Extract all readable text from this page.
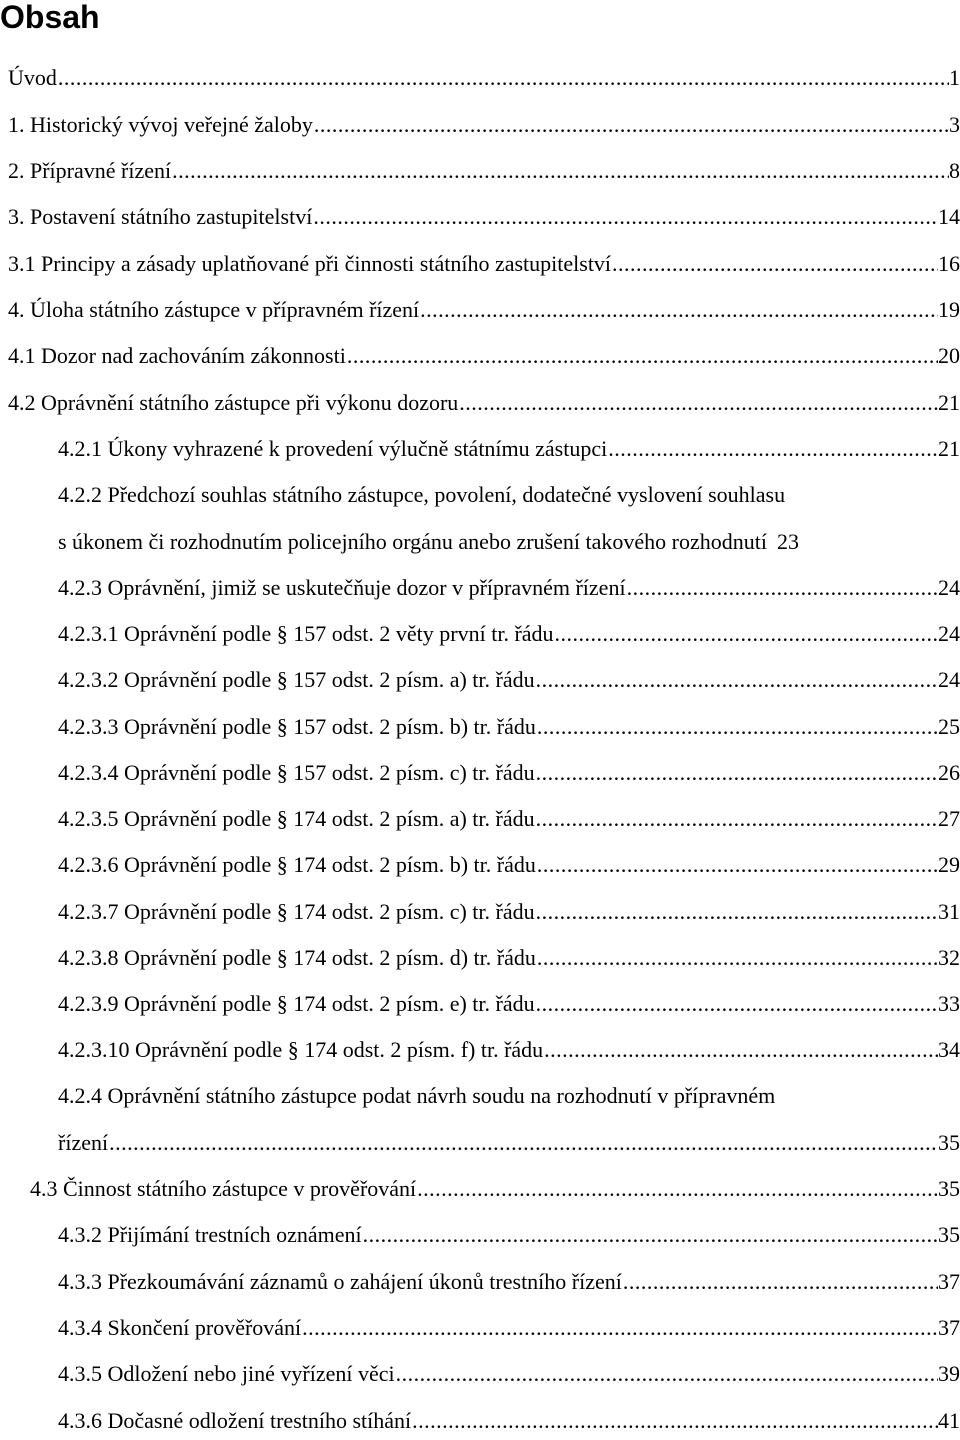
Obsah
Úvod .....	1
1. Historický vývoj veřejné žaloby .....	3
2. Přípravné řízení .....	8
3. Postavení státního zastupitelství .....	14
3.1 Principy a zásady uplatňované při činnosti státního zastupitelství .....	16
4. Úloha státního zástupce v přípravném řízení .....	19
4.1 Dozor nad zachováním zákonnosti .....	20
4.2 Oprávnění státního zástupce při výkonu dozoru .....	21
4.2.1 Úkony vyhrazené k provedení výlučně státnímu zástupci .....	21
4.2.2 Předchozí souhlas státního zástupce, povolení, dodatečné vyslovení souhlasu
s úkonem či rozhodnutím policejního orgánu anebo zrušení takového rozhodnutí 23
4.2.3 Oprávnění, jimiž se uskutečňuje dozor v přípravném řízení .....	24
4.2.3.1 Oprávnění podle § 157 odst. 2 věty první tr. řádu .....	24
4.2.3.2 Oprávnění podle § 157 odst. 2 písm. a) tr. řádu .....	24
4.2.3.3 Oprávnění podle § 157 odst. 2 písm. b) tr. řádu .....	25
4.2.3.4 Oprávnění podle § 157 odst. 2 písm. c) tr. řádu .....	26
4.2.3.5 Oprávnění podle § 174 odst. 2 písm. a) tr. řádu .....	27
4.2.3.6 Oprávnění podle § 174 odst. 2 písm. b) tr. řádu .....	29
4.2.3.7 Oprávnění podle § 174 odst. 2 písm. c) tr. řádu .....	31
4.2.3.8 Oprávnění podle § 174 odst. 2 písm. d) tr. řádu .....	32
4.2.3.9 Oprávnění podle § 174 odst. 2 písm. e) tr. řádu .....	33
4.2.3.10 Oprávnění podle § 174 odst. 2 písm. f) tr. řádu .....	34
4.2.4 Oprávnění státního zástupce podat návrh soudu na rozhodnutí v přípravném
řízení .....	35
4.3 Činnost státního zástupce v prověřování .....	35
4.3.2 Přijímání trestních oznámení .....	35
4.3.3 Přezkoumávání záznamů o zahájení úkonů trestního řízení .....	37
4.3.4 Skončení prověřování .....	37
4.3.5 Odložení nebo jiné vyřízení věci .....	39
4.3.6 Dočasné odložení trestního stíhání .....	41
